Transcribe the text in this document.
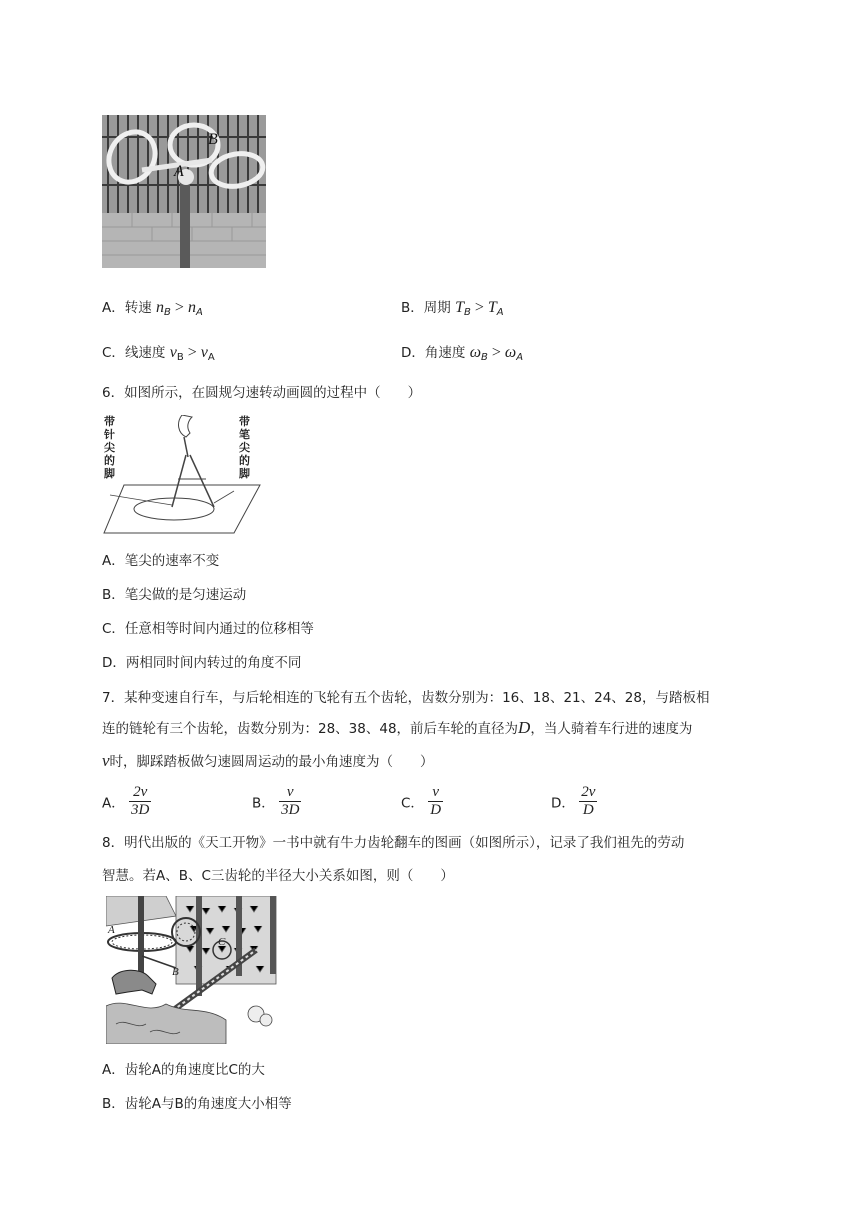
B
A
A．转速 $n_B > n_A$	B．周期 $T_B > T_A$
C．线速度 $v_B > v_A$	D．角速度 $\omega_B > \omega_A$
6．如图所示，在圆规匀速转动画圆的过程中（　　）
带针尖的脚
带笔尖的脚
A．笔尖的速率不变
B．笔尖做的是匀速运动
C．任意相等时间内通过的位移相等
D．两相同时间内转过的角度不同
7．某种变速自行车，与后轮相连的飞轮有五个齿轮，齿数分别为：16、18、21、24、28，与踏板相
连的链轮有三个齿轮，齿数分别为：28、38、48，前后车轮的直径为D，当人骑着车行进的速度为
v时，脚踩踏板做匀速圆周运动的最小角速度为（　　）
A． $\frac{2v}{3D}$	B． $\frac{v}{3D}$	C． $\frac{v}{D}$	D． $\frac{2v}{D}$
8．明代出版的《天工开物》一书中就有牛力齿轮翻车的图画（如图所示），记录了我们祖先的劳动
智慧。若A、B、C三齿轮的半径大小关系如图，则（　　）
A
B
C
A．齿轮A的角速度比C的大
B．齿轮A与B的角速度大小相等
